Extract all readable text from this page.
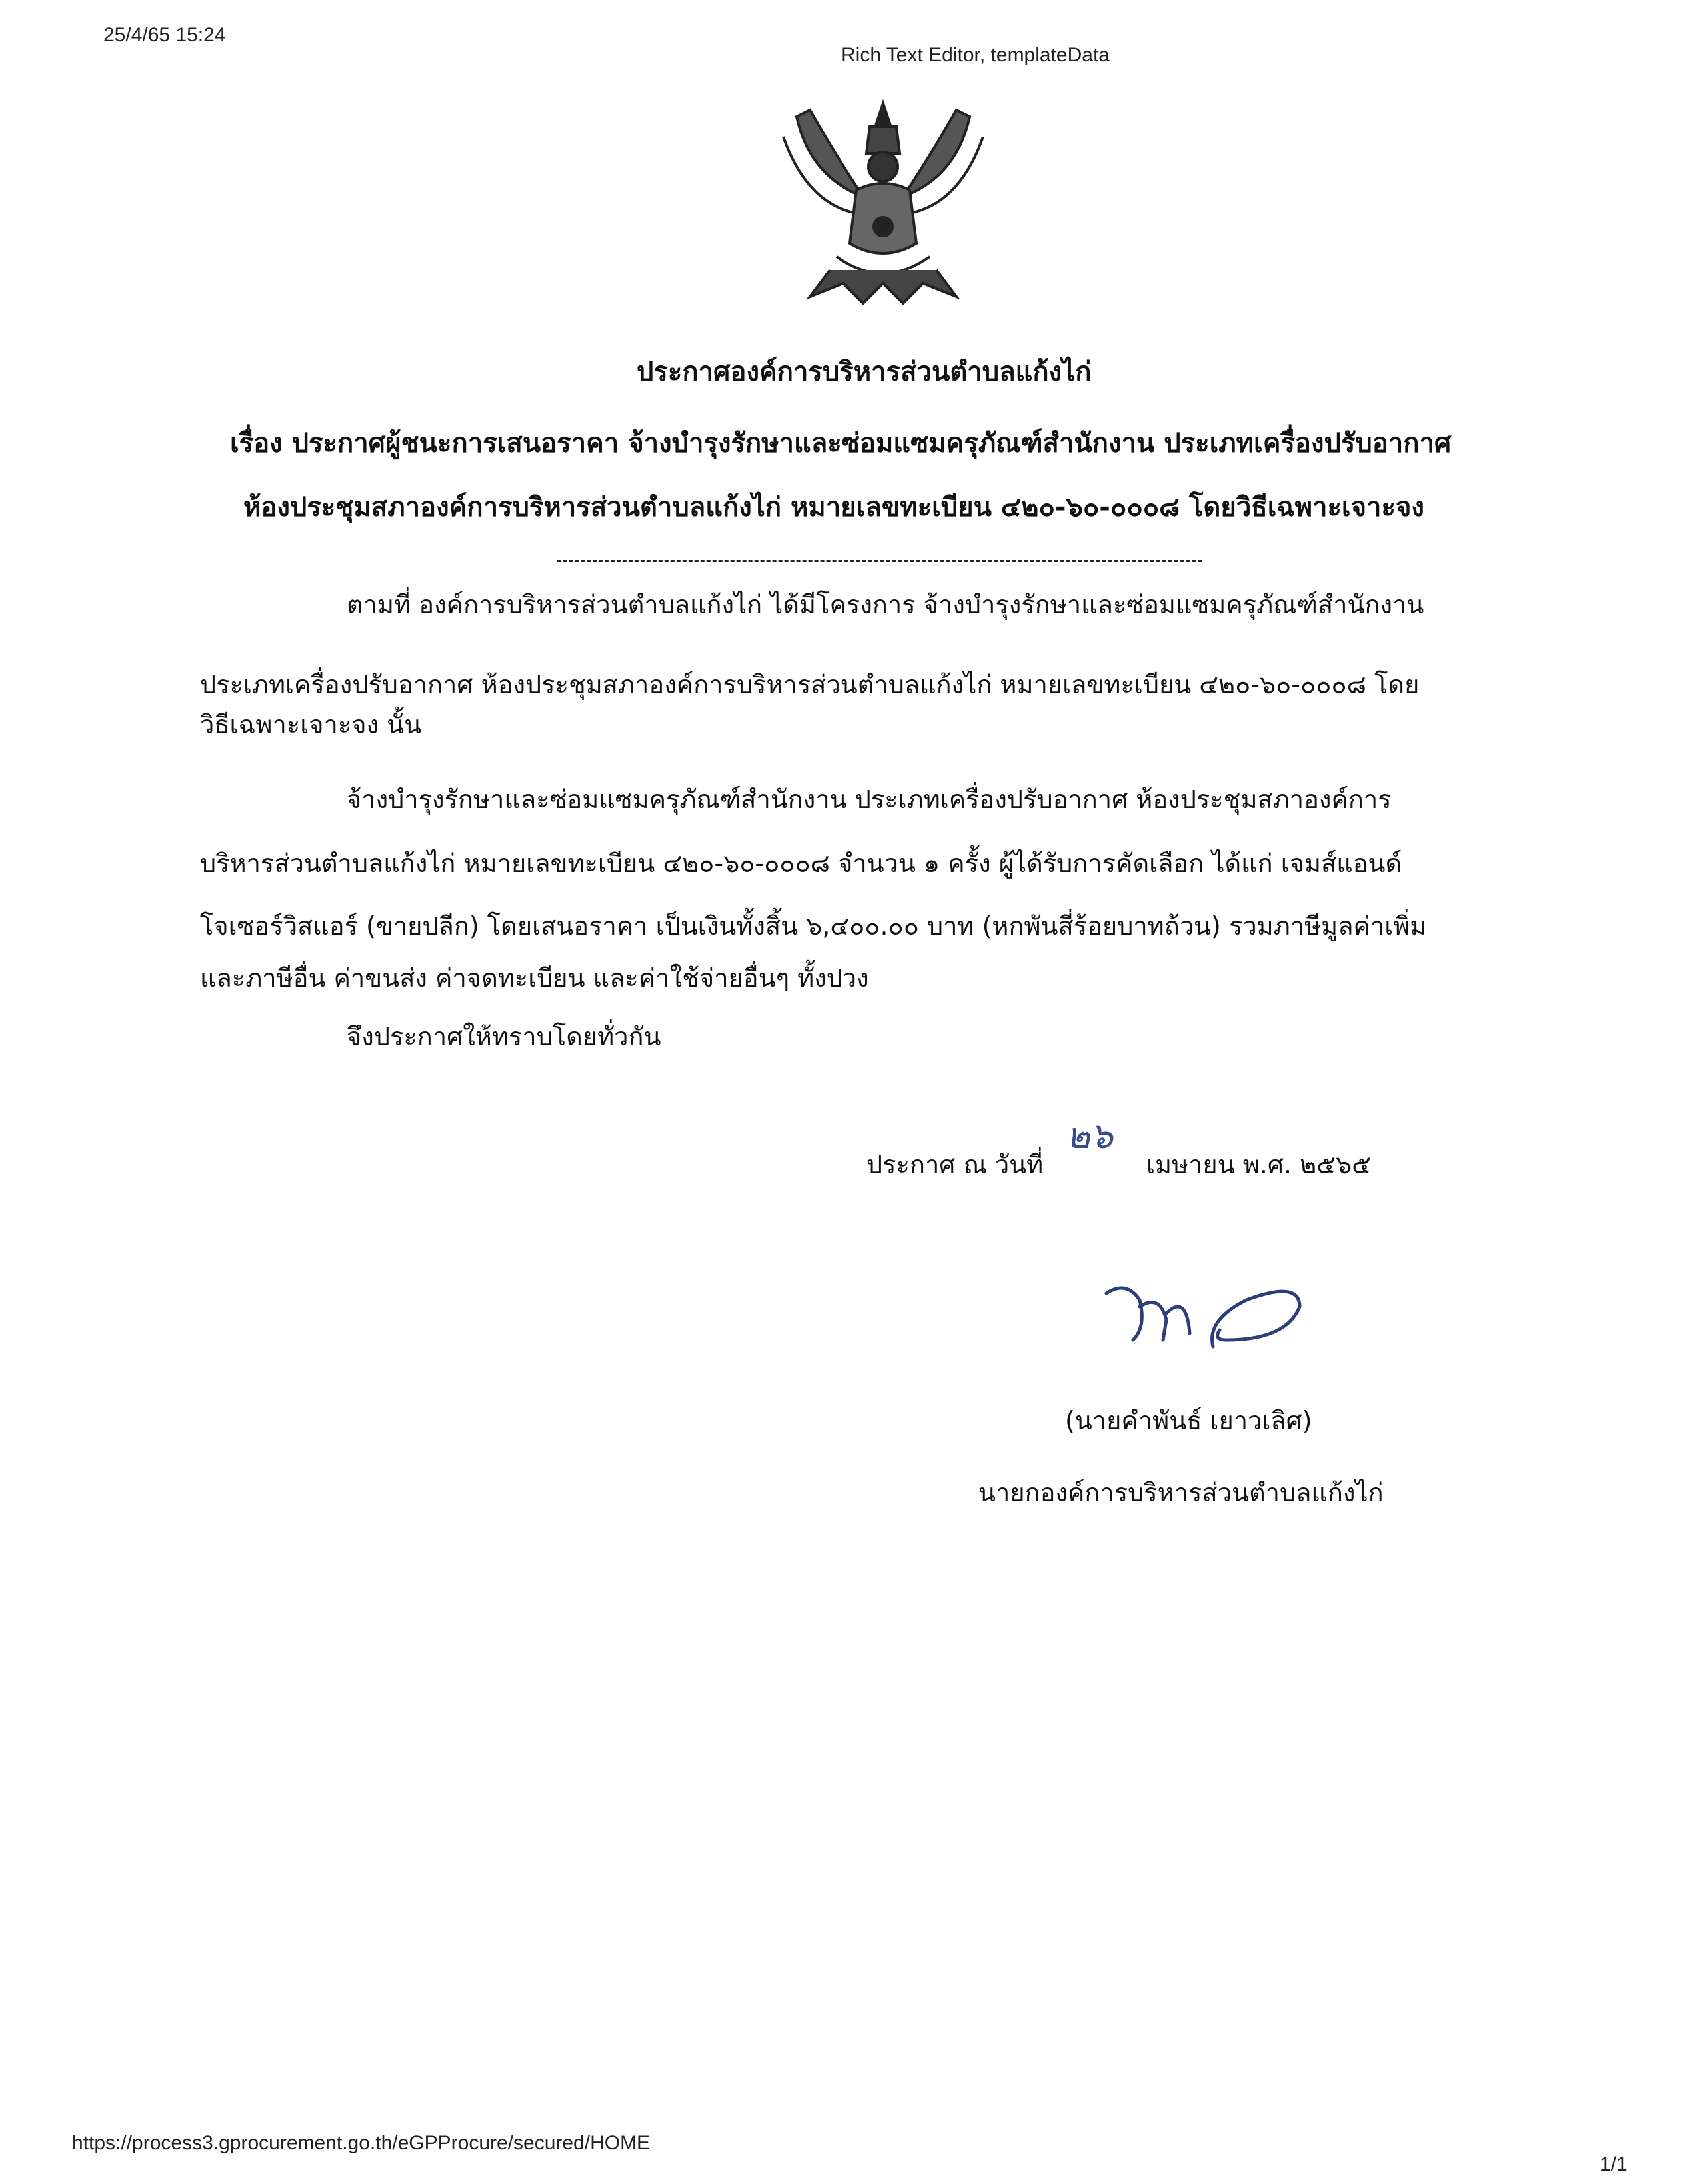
25/4/65 15:24
Rich Text Editor, templateData
ประกาศองค์การบริหารส่วนตำบลแก้งไก่
เรื่อง ประกาศผู้ชนะการเสนอราคา จ้างบำรุงรักษาและซ่อมแซมครุภัณฑ์สำนักงาน ประเภทเครื่องปรับอากาศ
ห้องประชุมสภาองค์การบริหารส่วนตำบลแก้งไก่ หมายเลขทะเบียน ๔๒๐-๖๐-๐๐๐๘ โดยวิธีเฉพาะเจาะจง
ตามที่ องค์การบริหารส่วนตำบลแก้งไก่ ได้มีโครงการ จ้างบำรุงรักษาและซ่อมแซมครุภัณฑ์สำนักงาน
ประเภทเครื่องปรับอากาศ ห้องประชุมสภาองค์การบริหารส่วนตำบลแก้งไก่ หมายเลขทะเบียน ๔๒๐-๖๐-๐๐๐๘ โดย
วิธีเฉพาะเจาะจง นั้น
จ้างบำรุงรักษาและซ่อมแซมครุภัณฑ์สำนักงาน ประเภทเครื่องปรับอากาศ ห้องประชุมสภาองค์การ
บริหารส่วนตำบลแก้งไก่ หมายเลขทะเบียน ๔๒๐-๖๐-๐๐๐๘ จำนวน ๑ ครั้ง ผู้ได้รับการคัดเลือก ได้แก่ เจมส์แอนด์
โจเซอร์วิสแอร์ (ขายปลีก) โดยเสนอราคา เป็นเงินทั้งสิ้น ๖,๔๐๐.๐๐ บาท (หกพันสี่ร้อยบาทถ้วน) รวมภาษีมูลค่าเพิ่ม
และภาษีอื่น ค่าขนส่ง ค่าจดทะเบียน และค่าใช้จ่ายอื่นๆ ทั้งปวง
จึงประกาศให้ทราบโดยทั่วกัน
ประกาศ ณ วันที่
๒๖
เมษายน พ.ศ. ๒๕๖๕
(นายคำพันธ์ เยาวเลิศ)
นายกองค์การบริหารส่วนตำบลแก้งไก่
https://process3.gprocurement.go.th/eGPProcure/secured/HOME
1/1
